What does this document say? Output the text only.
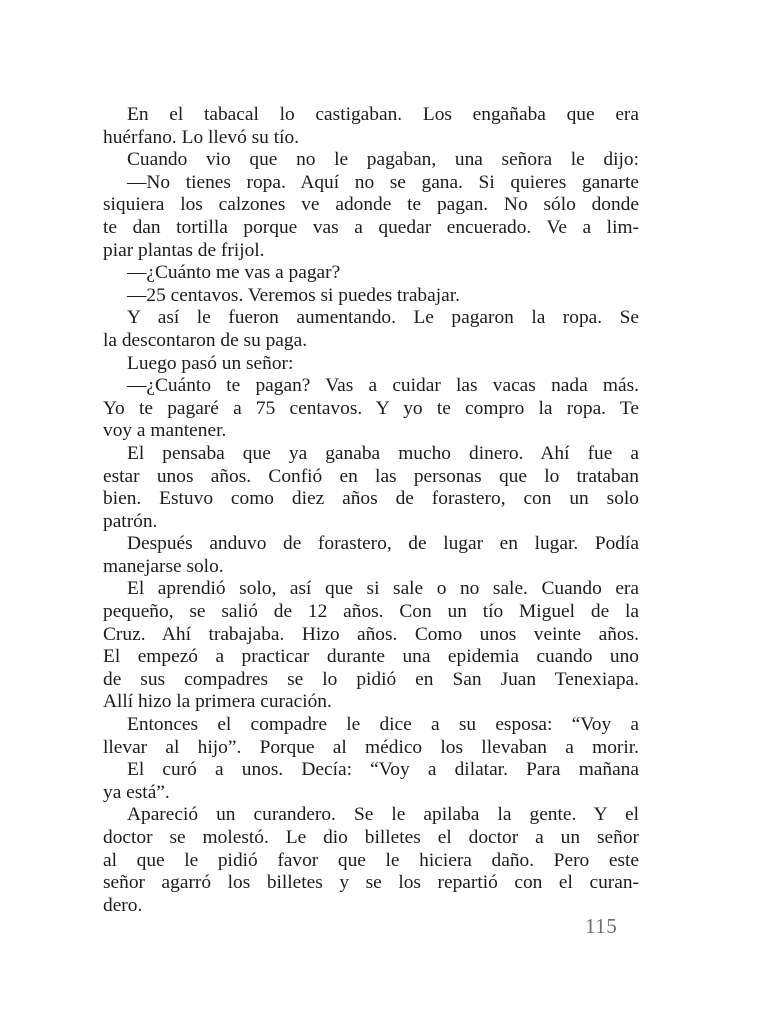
En el tabacal lo castigaban. Los engañaba que era
huérfano. Lo llevó su tío.
Cuando vio que no le pagaban, una señora le dijo:
—No tienes ropa. Aquí no se gana. Si quieres ganarte
siquiera los calzones ve adonde te pagan. No sólo donde
te dan tortilla porque vas a quedar encuerado. Ve a lim-
piar plantas de frijol.
—¿Cuánto me vas a pagar?
—25 centavos. Veremos si puedes trabajar.
Y así le fueron aumentando. Le pagaron la ropa. Se
la descontaron de su paga.
Luego pasó un señor:
—¿Cuánto te pagan? Vas a cuidar las vacas nada más.
Yo te pagaré a 75 centavos. Y yo te compro la ropa. Te
voy a mantener.
El pensaba que ya ganaba mucho dinero. Ahí fue a
estar unos años. Confió en las personas que lo trataban
bien. Estuvo como diez años de forastero, con un solo
patrón.
Después anduvo de forastero, de lugar en lugar. Podía
manejarse solo.
El aprendió solo, así que si sale o no sale. Cuando era
pequeño, se salió de 12 años. Con un tío Miguel de la
Cruz. Ahí trabajaba. Hizo años. Como unos veinte años.
El empezó a practicar durante una epidemia cuando uno
de sus compadres se lo pidió en San Juan Tenexiapa.
Allí hizo la primera curación.
Entonces el compadre le dice a su esposa: “Voy a
llevar al hijo”. Porque al médico los llevaban a morir.
El curó a unos. Decía: “Voy a dilatar. Para mañana
ya está”.
Apareció un curandero. Se le apilaba la gente. Y el
doctor se molestó. Le dio billetes el doctor a un señor
al que le pidió favor que le hiciera daño. Pero este
señor agarró los billetes y se los repartió con el curan-
dero.
115
